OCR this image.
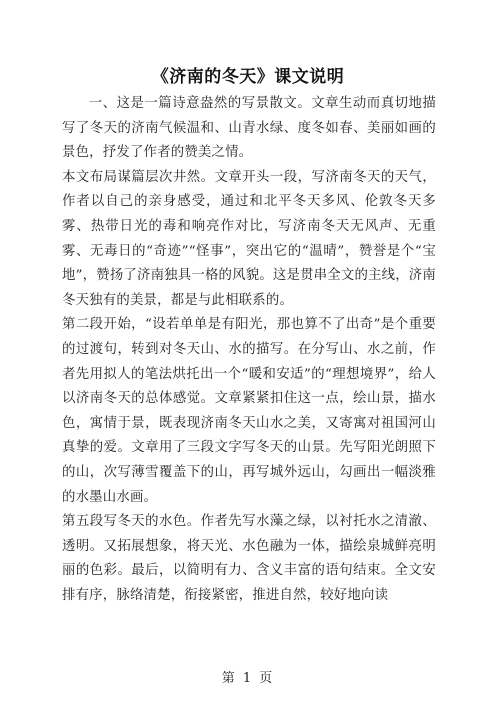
《济南的冬天》课文说明

一、这是一篇诗意盎然的写景散文。文章生动而真切地描写了冬天的济南气候温和、山青水绿、度冬如春、美丽如画的景色，抒发了作者的赞美之情。

本文布局谋篇层次井然。文章开头一段，写济南冬天的天气，作者以自己的亲身感受，通过和北平冬天多风、伦敦冬天多雾、热带日光的毒和响亮作对比，写济南冬天无风声、无重雾、无毒日的“奇迹”“怪事”，突出它的“温晴”，赞誉是个“宝地”，赞扬了济南独具一格的风貌。这是贯串全文的主线，济南冬天独有的美景，都是与此相联系的。

第二段开始，“设若单单是有阳光，那也算不了出奇”是个重要的过渡句，转到对冬天山、水的描写。在分写山、水之前，作者先用拟人的笔法烘托出一个“暖和安适”的“理想境界”，给人以济南冬天的总体感觉。文章紧紧扣住这一点，绘山景，描水色，寓情于景，既表现济南冬天山水之美，又寄寓对祖国河山真挚的爱。文章用了三段文字写冬天的山景。先写阳光朗照下的山，次写薄雪覆盖下的山，再写城外远山，勾画出一幅淡雅的水墨山水画。

第五段写冬天的水色。作者先写水藻之绿，以衬托水之清澈、透明。又拓展想象，将天光、水色融为一体，描绘泉城鲜亮明丽的色彩。最后，以简明有力、含义丰富的语句结束。全文安排有序，脉络清楚，衔接紧密，推进自然，较好地向读

第 1 页
